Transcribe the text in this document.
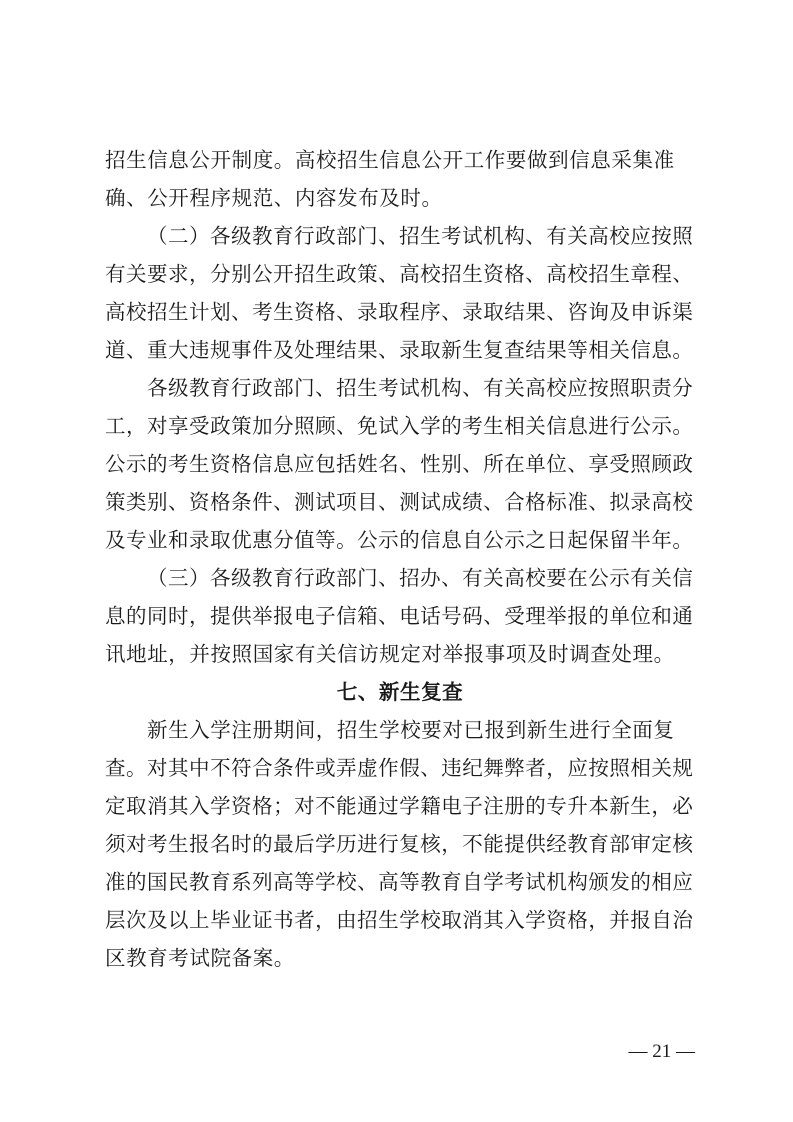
招生信息公开制度。高校招生信息公开工作要做到信息采集准
确、公开程序规范、内容发布及时。
（二）各级教育行政部门、招生考试机构、有关高校应按照
有关要求，分别公开招生政策、高校招生资格、高校招生章程、
高校招生计划、考生资格、录取程序、录取结果、咨询及申诉渠
道、重大违规事件及处理结果、录取新生复查结果等相关信息。
各级教育行政部门、招生考试机构、有关高校应按照职责分
工，对享受政策加分照顾、免试入学的考生相关信息进行公示。
公示的考生资格信息应包括姓名、性别、所在单位、享受照顾政
策类别、资格条件、测试项目、测试成绩、合格标准、拟录高校
及专业和录取优惠分值等。公示的信息自公示之日起保留半年。
（三）各级教育行政部门、招办、有关高校要在公示有关信
息的同时，提供举报电子信箱、电话号码、受理举报的单位和通
讯地址，并按照国家有关信访规定对举报事项及时调查处理。
七、新生复查
新生入学注册期间，招生学校要对已报到新生进行全面复
查。对其中不符合条件或弄虚作假、违纪舞弊者，应按照相关规
定取消其入学资格；对不能通过学籍电子注册的专升本新生，必
须对考生报名时的最后学历进行复核，不能提供经教育部审定核
准的国民教育系列高等学校、高等教育自学考试机构颁发的相应
层次及以上毕业证书者，由招生学校取消其入学资格，并报自治
区教育考试院备案。
— 21 —
